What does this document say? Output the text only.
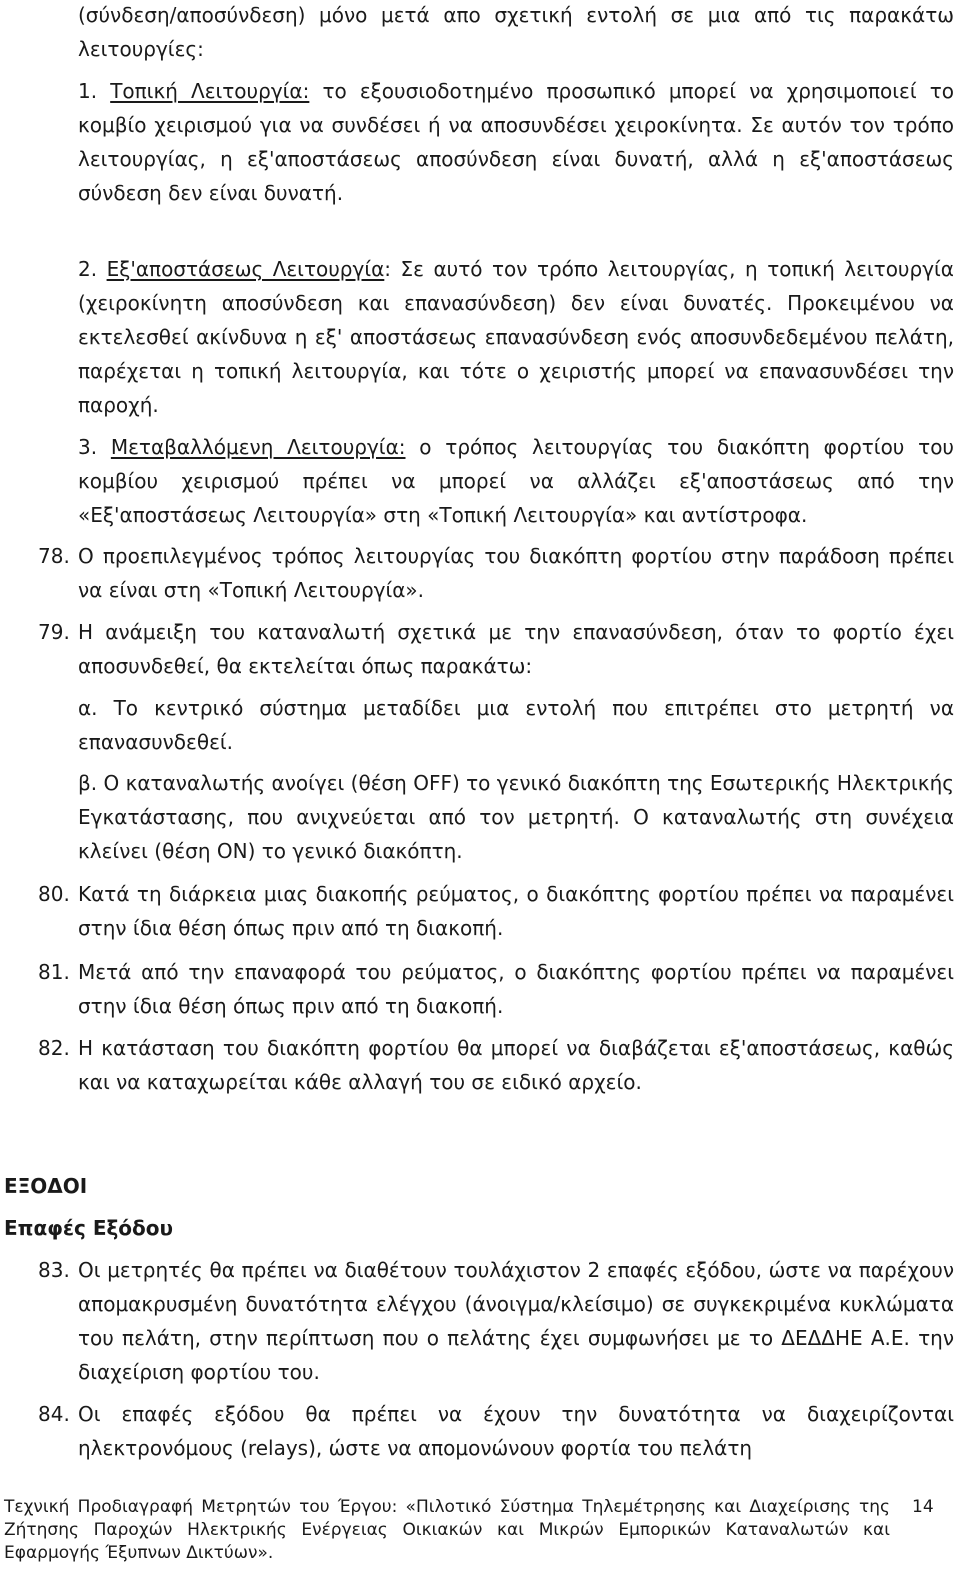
(σύνδεση/αποσύνδεση) μόνο μετά απο σχετική εντολή σε μια από τις παρακάτω λειτουργίες:
1. Τοπική Λειτουργία: το εξουσιοδοτημένο προσωπικό μπορεί να χρησιμοποιεί το κομβίο χειρισμού για να συνδέσει ή να αποσυνδέσει χειροκίνητα. Σε αυτόν τον τρόπο λειτουργίας, η εξ'αποστάσεως αποσύνδεση είναι δυνατή, αλλά η εξ'αποστάσεως σύνδεση δεν είναι δυνατή.
2. Εξ'αποστάσεως Λειτουργία: Σε αυτό τον τρόπο λειτουργίας, η τοπική λειτουργία (χειροκίνητη αποσύνδεση και επανασύνδεση) δεν είναι δυνατές. Προκειμένου να εκτελεσθεί ακίνδυνα η εξ' αποστάσεως επανασύνδεση ενός αποσυνδεδεμένου πελάτη, παρέχεται η τοπική λειτουργία, και τότε ο χειριστής μπορεί να επανασυνδέσει την παροχή.
3. Μεταβαλλόμενη Λειτουργία: ο τρόπος λειτουργίας του διακόπτη φορτίου του κομβίου χειρισμού πρέπει να μπορεί να αλλάζει εξ'αποστάσεως από την «Εξ'αποστάσεως Λειτουργία» στη «Τοπική Λειτουργία» και αντίστροφα.
78. Ο προεπιλεγμένος τρόπος λειτουργίας του διακόπτη φορτίου στην παράδοση πρέπει να είναι στη «Τοπική Λειτουργία».
79. Η ανάμειξη του καταναλωτή σχετικά με την επανασύνδεση, όταν το φορτίο έχει αποσυνδεθεί, θα εκτελείται όπως παρακάτω:
α. Το κεντρικό σύστημα μεταδίδει μια εντολή που επιτρέπει στο μετρητή να επανασυνδεθεί.
β. Ο καταναλωτής ανοίγει (θέση OFF) το γενικό διακόπτη της Εσωτερικής Ηλεκτρικής Εγκατάστασης, που ανιχνεύεται από τον μετρητή. Ο καταναλωτής στη συνέχεια κλείνει (θέση ON) το γενικό διακόπτη.
80. Κατά τη διάρκεια μιας διακοπής ρεύματος, ο διακόπτης φορτίου πρέπει να παραμένει στην ίδια θέση όπως πριν από τη διακοπή.
81. Μετά από την επαναφορά του ρεύματος, ο διακόπτης φορτίου πρέπει να παραμένει στην ίδια θέση όπως πριν από τη διακοπή.
82. Η κατάσταση του διακόπτη φορτίου θα μπορεί να διαβάζεται εξ'αποστάσεως, καθώς και να καταχωρείται κάθε αλλαγή του σε ειδικό αρχείο.
ΕΞΟΔΟΙ
Επαφές Εξόδου
83. Οι μετρητές θα πρέπει να διαθέτουν τουλάχιστον 2 επαφές εξόδου, ώστε να παρέχουν απομακρυσμένη δυνατότητα ελέγχου (άνοιγμα/κλείσιμο) σε συγκεκριμένα κυκλώματα του πελάτη, στην περίπτωση που ο πελάτης έχει συμφωνήσει με το ΔΕΔΔΗΕ Α.Ε. την διαχείριση φορτίου του.
84. Οι επαφές εξόδου θα πρέπει να έχουν την δυνατότητα να διαχειρίζονται ηλεκτρονόμους (relays), ώστε να απομονώνουν φορτία του πελάτη
Τεχνική Προδιαγραφή Μετρητών του Έργου: «Πιλοτικό Σύστημα Τηλεμέτρησης και Διαχείρισης της Ζήτησης Παροχών Ηλεκτρικής Ενέργειας Οικιακών και Μικρών Εμπορικών Καταναλωτών και Εφαρμογής Έξυπνων Δικτύων».
14
